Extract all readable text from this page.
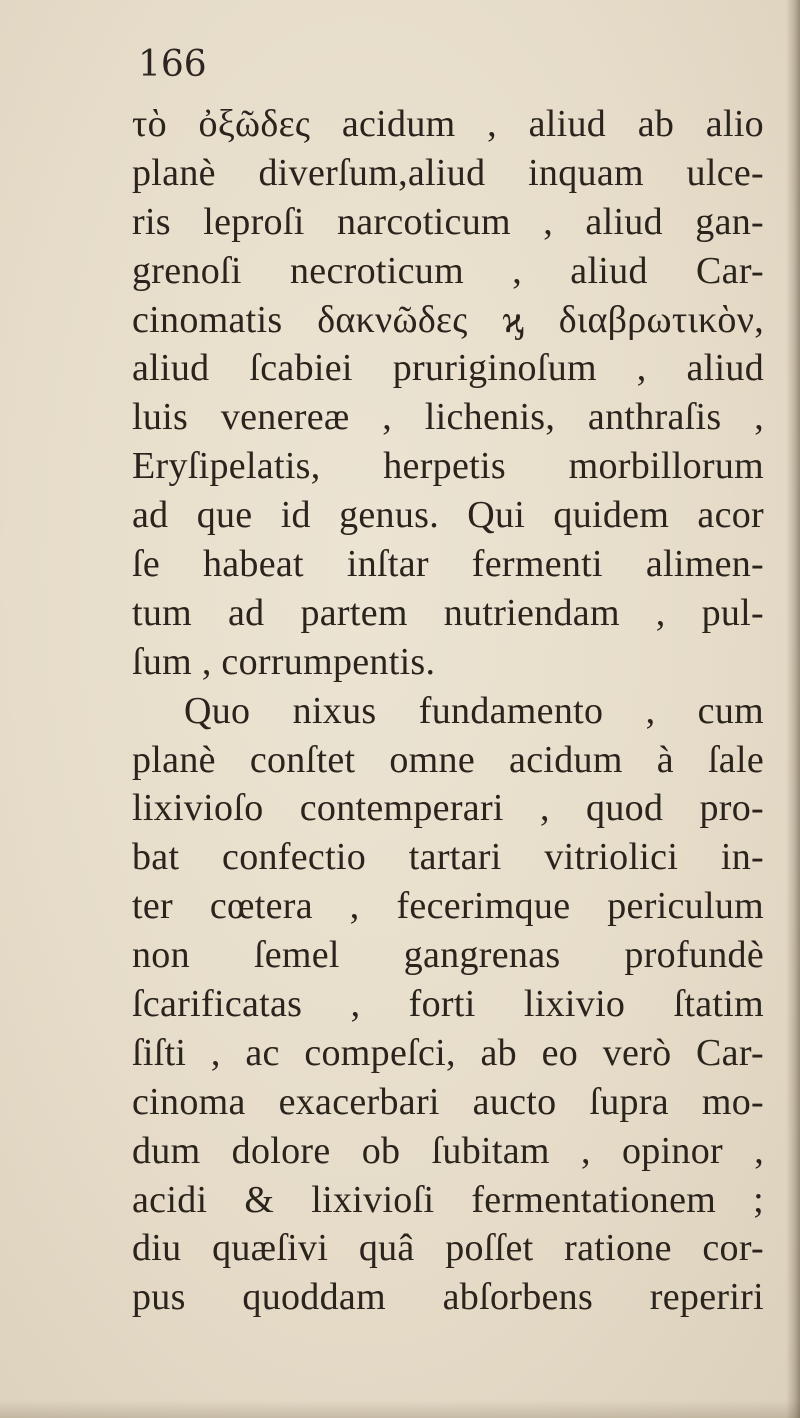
166
τὸ ὀξῶδες acidum , aliud ab alio
planè diverſum,aliud inquam ulce-
ris leproſi narcoticum , aliud gan-
grenoſi necroticum , aliud Car-
cinomatis δακνῶδες ϗ διαβρωτικὸν,
aliud ſcabiei pruriginoſum , aliud
luis venereæ , lichenis, anthraſis ,
Eryſipelatis, herpetis morbillorum
ad que id genus. Qui quidem acor
ſe habeat inſtar fermenti alimen-
tum ad partem nutriendam , pul-
ſum , corrumpentis.
Quo nixus fundamento , cum
planè conſtet omne acidum à ſale
lixivioſo contemperari , quod pro-
bat confectio tartari vitriolici in-
ter cœtera , fecerimque periculum
non ſemel gangrenas profundè
ſcarificatas , forti lixivio ſtatim
ſiſti , ac compeſci, ab eo verò Car-
cinoma exacerbari aucto ſupra mo-
dum dolore ob ſubitam , opinor ,
acidi & lixivioſi fermentationem ;
diu quæſivi quâ poſſet ratione cor-
pus quoddam abſorbens reperiri
